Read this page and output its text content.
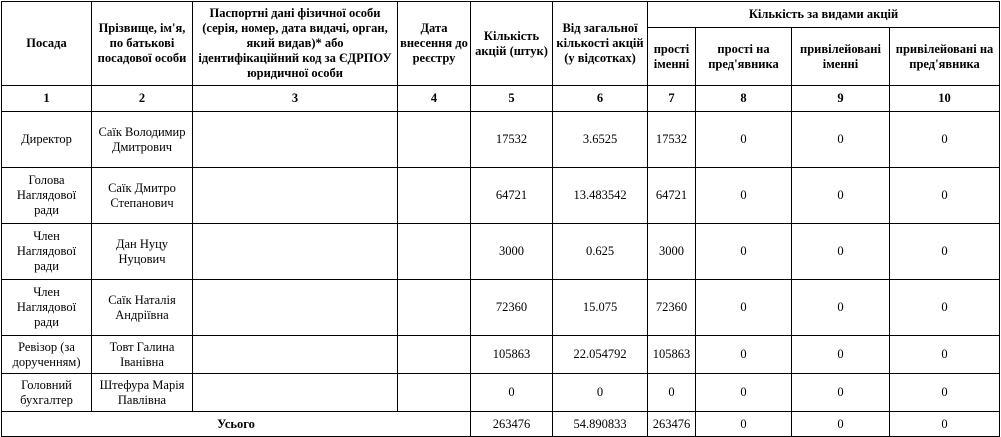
Посада	Прізвище, ім'я, по батькові посадової особи	Паспортні дані фізичної особи (серія, номер, дата видачі, орган, який видав)* або ідентифікаційний код за ЄДРПОУ юридичної особи	Дата внесення до реєстру	Кількість акцій (штук)	Від загальної кількості акцій (у відсотках)	Кількість за видами акцій			
						прості іменні	прості на пред'явника	привілейовані іменні	привілейовані на пред'явника
1	2	3	4	5	6	7	8	9	10
Директор	Саїк Володимир Дмитрович			17532	3.6525	17532	0	0	0
Голова Наглядової ради	Саїк Дмитро Степанович			64721	13.483542	64721	0	0	0
Член Наглядової ради	Дан Нуцу Нуцович			3000	0.625	3000	0	0	0
Член Наглядової ради	Саїк Наталія Андріївна			72360	15.075	72360	0	0	0
Ревізор (за дорученням)	Товт Галина Іванівна			105863	22.054792	105863	0	0	0
Головний бухгалтер	Штефура Марія Павлівна			0	0	0	0	0	0
Усього				263476	54.890833	263476	0	0	0
